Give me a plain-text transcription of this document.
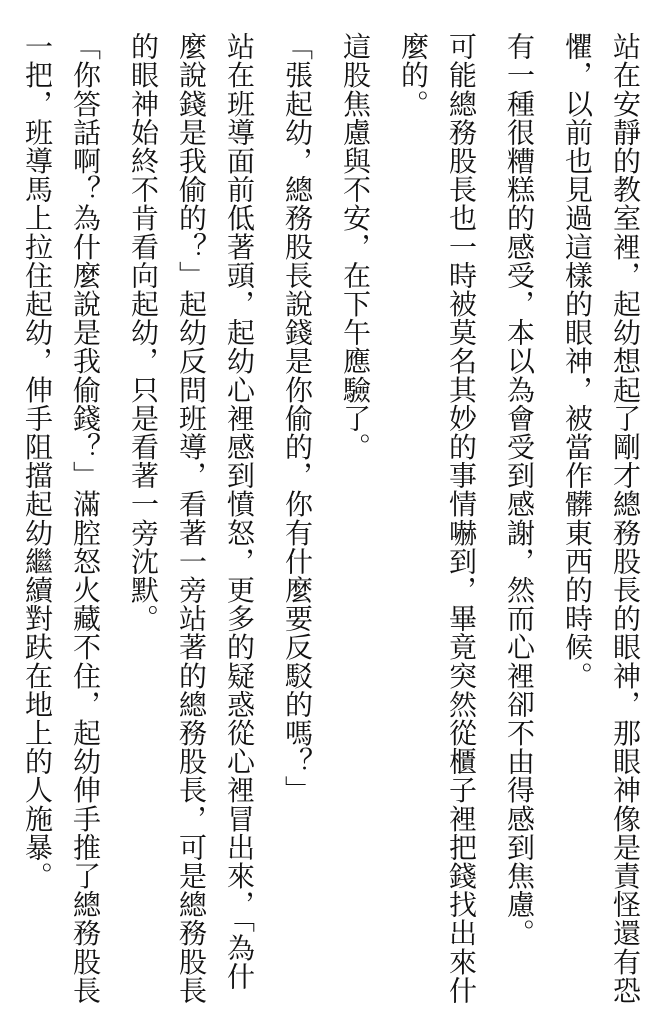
站在安靜的教室裡，起幼想起了剛才總務股長的眼神，那眼神像是責怪還有恐懼，以前也見過這樣的眼神，被當作髒東西的時候。

有一種很糟糕的感受，本以為會受到感謝，然而心裡卻不由得感到焦慮。

可能總務股長也一時被莫名其妙的事情嚇到，畢竟突然從櫃子裡把錢找出來什麼的。

這股焦慮與不安，在下午應驗了。

「張起幼，總務股長說錢是你偷的，你有什麼要反駁的嗎？」

站在班導面前低著頭，起幼心裡感到憤怒，更多的疑惑從心裡冒出來，「為什麼說錢是我偷的？」起幼反問班導，看著一旁站著的總務股長，可是總務股長的眼神始終不肯看向起幼，只是看著一旁沈默。

「你答話啊？為什麼說是我偷錢？」滿腔怒火藏不住，起幼伸手推了總務股長一把，班導馬上拉住起幼，伸手阻擋起幼繼續對趺在地上的人施暴。
